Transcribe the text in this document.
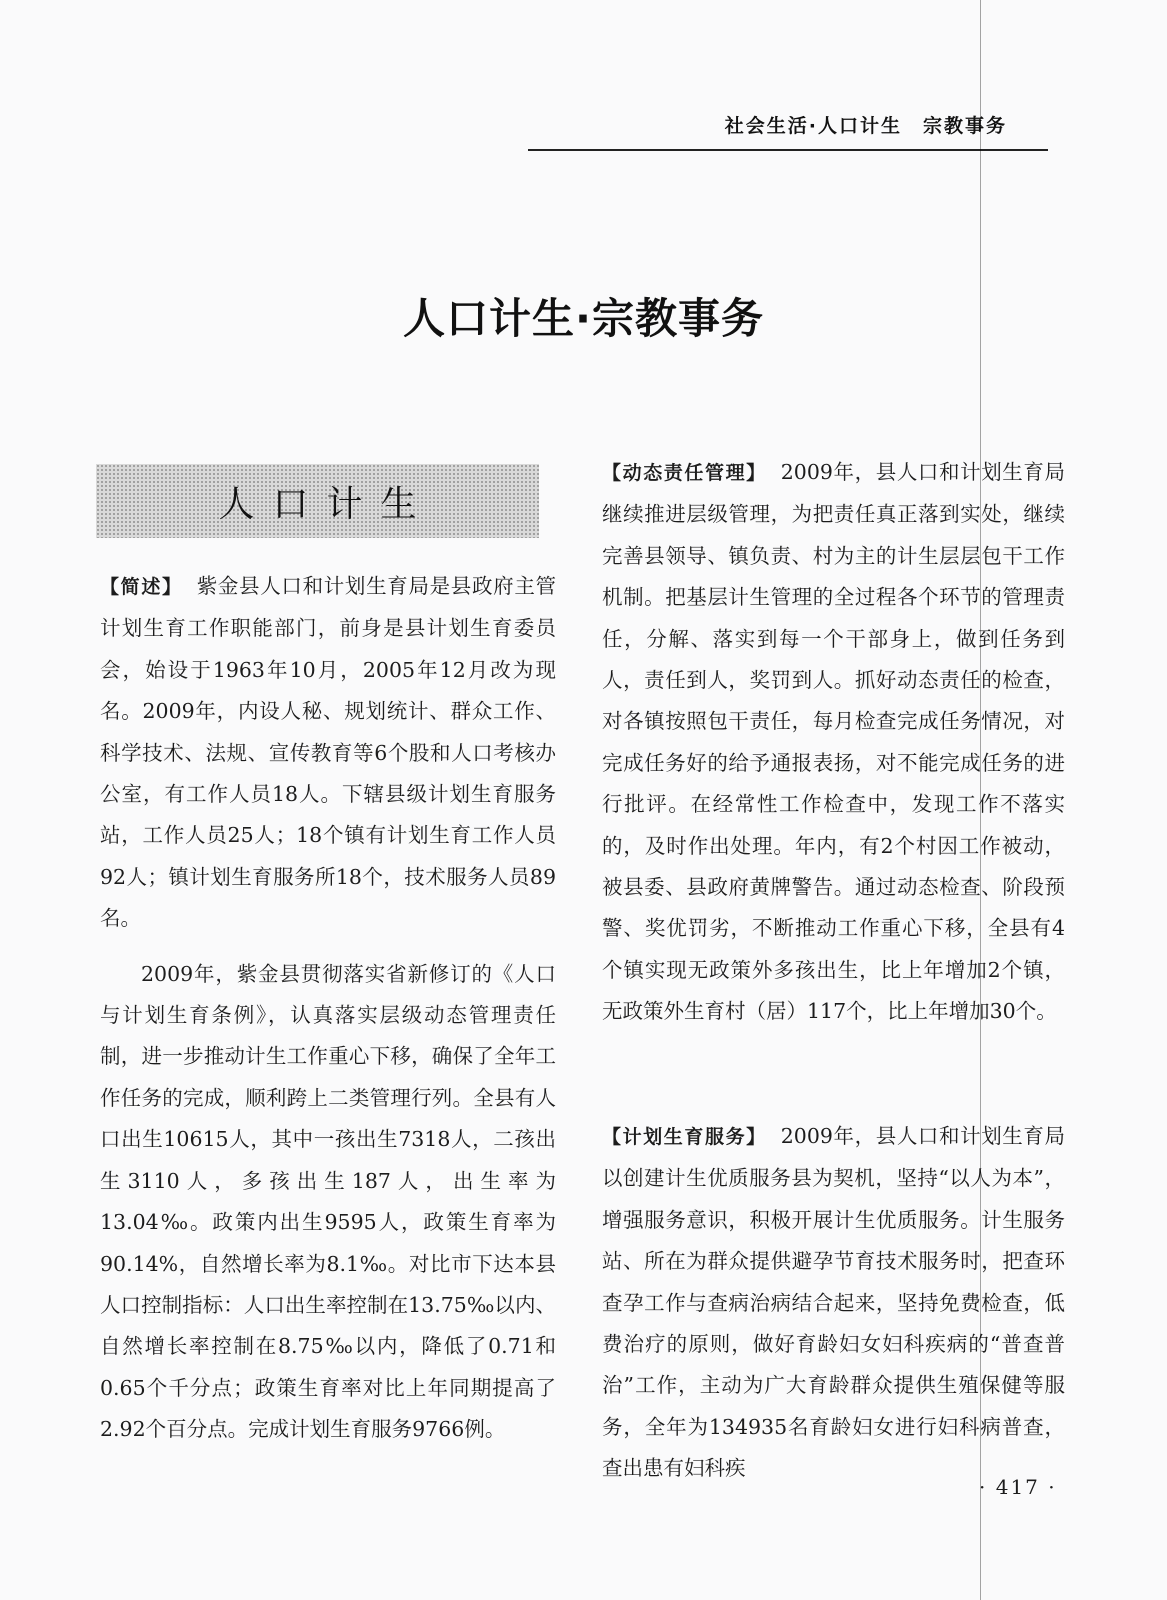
社会生活·人口计生　宗教事务
人口计生·宗教事务
人口计生

【简述】 紫金县人口和计划生育局是县政府主管计划生育工作职能部门，前身是县计划生育委员会，始设于1963年10月，2005年12月改为现名。2009年，内设人秘、规划统计、群众工作、科学技术、法规、宣传教育等6个股和人口考核办公室，有工作人员18人。下辖县级计划生育服务站，工作人员25人；18个镇有计划生育工作人员92人；镇计划生育服务所18个，技术服务人员89名。

2009年，紫金县贯彻落实省新修订的《人口与计划生育条例》，认真落实层级动态管理责任制，进一步推动计生工作重心下移，确保了全年工作任务的完成，顺利跨上二类管理行列。全县有人口出生10615人，其中一孩出生7318人，二孩出生3110人，多孩出生187人，出生率为13.04‰。政策内出生9595人，政策生育率为90.14%，自然增长率为8.1‰。对比市下达本县人口控制指标：人口出生率控制在13.75‰以内、自然增长率控制在8.75‰以内，降低了0.71和0.65个千分点；政策生育率对比上年同期提高了2.92个百分点。完成计划生育服务9766例。

【动态责任管理】 2009年，县人口和计划生育局继续推进层级管理，为把责任真正落到实处，继续完善县领导、镇负责、村为主的计生层层包干工作机制。把基层计生管理的全过程各个环节的管理责任，分解、落实到每一个干部身上，做到任务到人，责任到人，奖罚到人。抓好动态责任的检查，对各镇按照包干责任，每月检查完成任务情况，对完成任务好的给予通报表扬，对不能完成任务的进行批评。在经常性工作检查中，发现工作不落实的，及时作出处理。年内，有2个村因工作被动，被县委、县政府黄牌警告。通过动态检查、阶段预警、奖优罚劣，不断推动工作重心下移，全县有4个镇实现无政策外多孩出生，比上年增加2个镇，无政策外生育村（居）117个，比上年增加30个。

【计划生育服务】 2009年，县人口和计划生育局以创建计生优质服务县为契机，坚持“以人为本”，增强服务意识，积极开展计生优质服务。计生服务站、所在为群众提供避孕节育技术服务时，把查环查孕工作与查病治病结合起来，坚持免费检查，低费治疗的原则，做好育龄妇女妇科疾病的“普查普治”工作，主动为广大育龄群众提供生殖保健等服务，全年为134935名育龄妇女进行妇科病普查，查出患有妇科疾

· 417 ·
